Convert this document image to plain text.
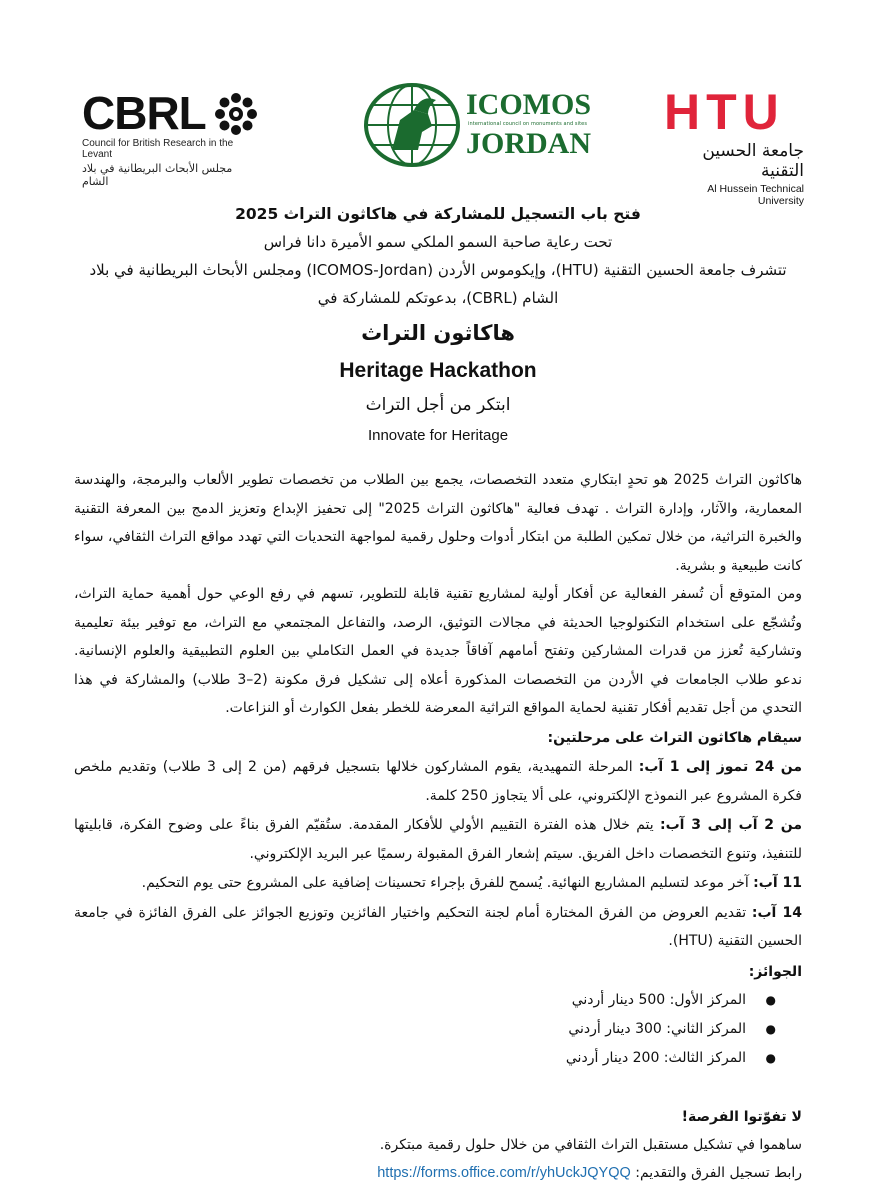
CBRL
Council for British Research in the Levant
مجلس الأبحاث البريطانية في بلاد الشام
ICOMOS
international council on monuments and sites
JORDAN
HTU
جامعة الحسين التقنية
Al Hussein Technical University
فتح باب التسجيل للمشاركة في هاكاثون التراث 2025
تحت رعاية صاحبة السمو الملكي سمو الأميرة دانا فراس
تتشرف جامعة الحسين التقنية (HTU)، وإيكوموس الأردن (ICOMOS-Jordan) ومجلس الأبحاث البريطانية في بلاد الشام (CBRL)، بدعوتكم للمشاركة في
هاكاثون التراث
Heritage Hackathon
ابتكر من أجل التراث
Innovate for Heritage
هاكاثون التراث 2025 هو تحدٍ ابتكاري متعدد التخصصات، يجمع بين الطلاب من تخصصات تطوير الألعاب والبرمجة، والهندسة المعمارية، والآثار، وإدارة التراث . تهدف فعالية "هاكاثون التراث 2025" إلى تحفيز الإبداع وتعزيز الدمج بين المعرفة التقنية والخبرة التراثية، من خلال تمكين الطلبة من ابتكار أدوات وحلول رقمية لمواجهة التحديات التي تهدد مواقع التراث الثقافي، سواء كانت طبيعية و بشرية.
ومن المتوقع أن تُسفر الفعالية عن أفكار أولية لمشاريع تقنية قابلة للتطوير، تسهم في رفع الوعي حول أهمية حماية التراث، وتُشجّع على استخدام التكنولوجيا الحديثة في مجالات التوثيق، الرصد، والتفاعل المجتمعي مع التراث، مع توفير بيئة تعليمية وتشاركية تُعزز من قدرات المشاركين وتفتح أمامهم آفاقاً جديدة في العمل التكاملي بين العلوم التطبيقية والعلوم الإنسانية. ندعو طلاب الجامعات في الأردن من التخصصات المذكورة أعلاه إلى تشكيل فرق مكونة (2–3 طلاب) والمشاركة في هذا التحدي من أجل تقديم أفكار تقنية لحماية المواقع التراثية المعرضة للخطر بفعل الكوارث أو النزاعات.
سيقام هاكاثون التراث على مرحلتين:
من 24 تموز إلى 1 آب: المرحلة التمهيدية، يقوم المشاركون خلالها بتسجيل فرقهم (من 2 إلى 3 طلاب) وتقديم ملخص فكرة المشروع عبر النموذج الإلكتروني، على ألا يتجاوز 250 كلمة.
من 2 آب إلى 3 آب: يتم خلال هذه الفترة التقييم الأولي للأفكار المقدمة. ستُقيّم الفرق بناءً على وضوح الفكرة، قابليتها للتنفيذ، وتنوع التخصصات داخل الفريق. سيتم إشعار الفرق المقبولة رسميًا عبر البريد الإلكتروني.
11 آب: آخر موعد لتسليم المشاريع النهائية. يُسمح للفرق بإجراء تحسينات إضافية على المشروع حتى يوم التحكيم.
14 آب: تقديم العروض من الفرق المختارة أمام لجنة التحكيم واختيار الفائزين وتوزيع الجوائز على الفرق الفائزة في جامعة الحسين التقنية (HTU).
الجوائز:
●
المركز الأول: 500 دينار أردني
●
المركز الثاني: 300 دينار أردني
●
المركز الثالث: 200 دينار أردني
لا تفوّتوا الفرصة!
ساهموا في تشكيل مستقبل التراث الثقافي من خلال حلول رقمية مبتكرة.
رابط تسجيل الفرق والتقديم: https://forms.office.com/r/yhUckJQYQQ
